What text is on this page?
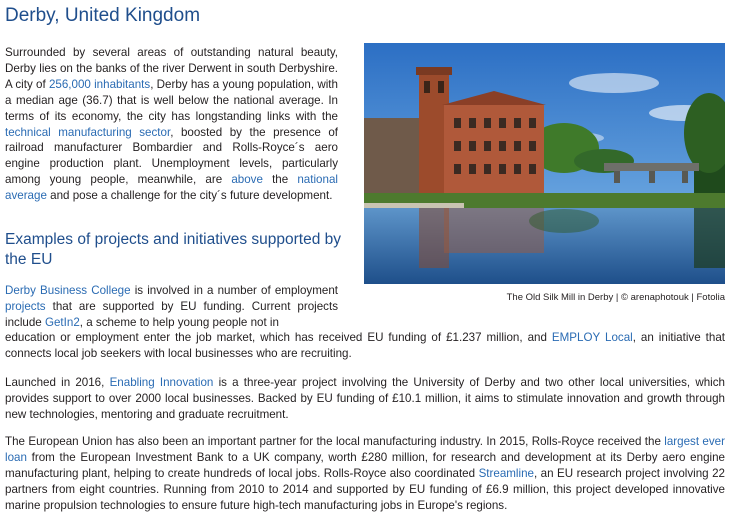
Derby, United Kingdom

Surrounded by several areas of outstanding natural beauty, Derby lies on the banks of the river Derwent in south Derbyshire. A city of 256,000 inhabitants, Derby has a young population, with a median age (36.7) that is well below the national average. In terms of its economy, the city has longstanding links with the technical manufacturing sector, boosted by the presence of railroad manufacturer Bombardier and Rolls-Royce´s aero engine production plant. Unemployment levels, particularly among young people, meanwhile, are above the national average and pose a challenge for the city´s future development.

The Old Silk Mill in Derby | © arenaphotouk | Fotolia
Examples of projects and initiatives supported by the EU

Derby Business College is involved in a number of employment projects that are supported by EU funding. Current projects include GetIn2, a scheme to help young people not in

education or employment enter the job market, which has received EU funding of £1.237 million, and EMPLOY Local, an initiative that connects local job seekers with local businesses who are recruiting.

Launched in 2016, Enabling Innovation is a three-year project involving the University of Derby and two other local universities, which provides support to over 2000 local businesses. Backed by EU funding of £10.1 million, it aims to stimulate innovation and growth through new technologies, mentoring and graduate recruitment.

The European Union has also been an important partner for the local manufacturing industry. In 2015, Rolls-Royce received the largest ever loan from the European Investment Bank to a UK company, worth £280 million, for research and development at its Derby aero engine manufacturing plant, helping to create hundreds of local jobs. Rolls-Royce also coordinated Streamline, an EU research project involving 22 partners from eight countries. Running from 2010 to 2014 and supported by EU funding of £6.9 million, this project developed innovative marine propulsion technologies to ensure future high-tech manufacturing jobs in Europe's regions.
